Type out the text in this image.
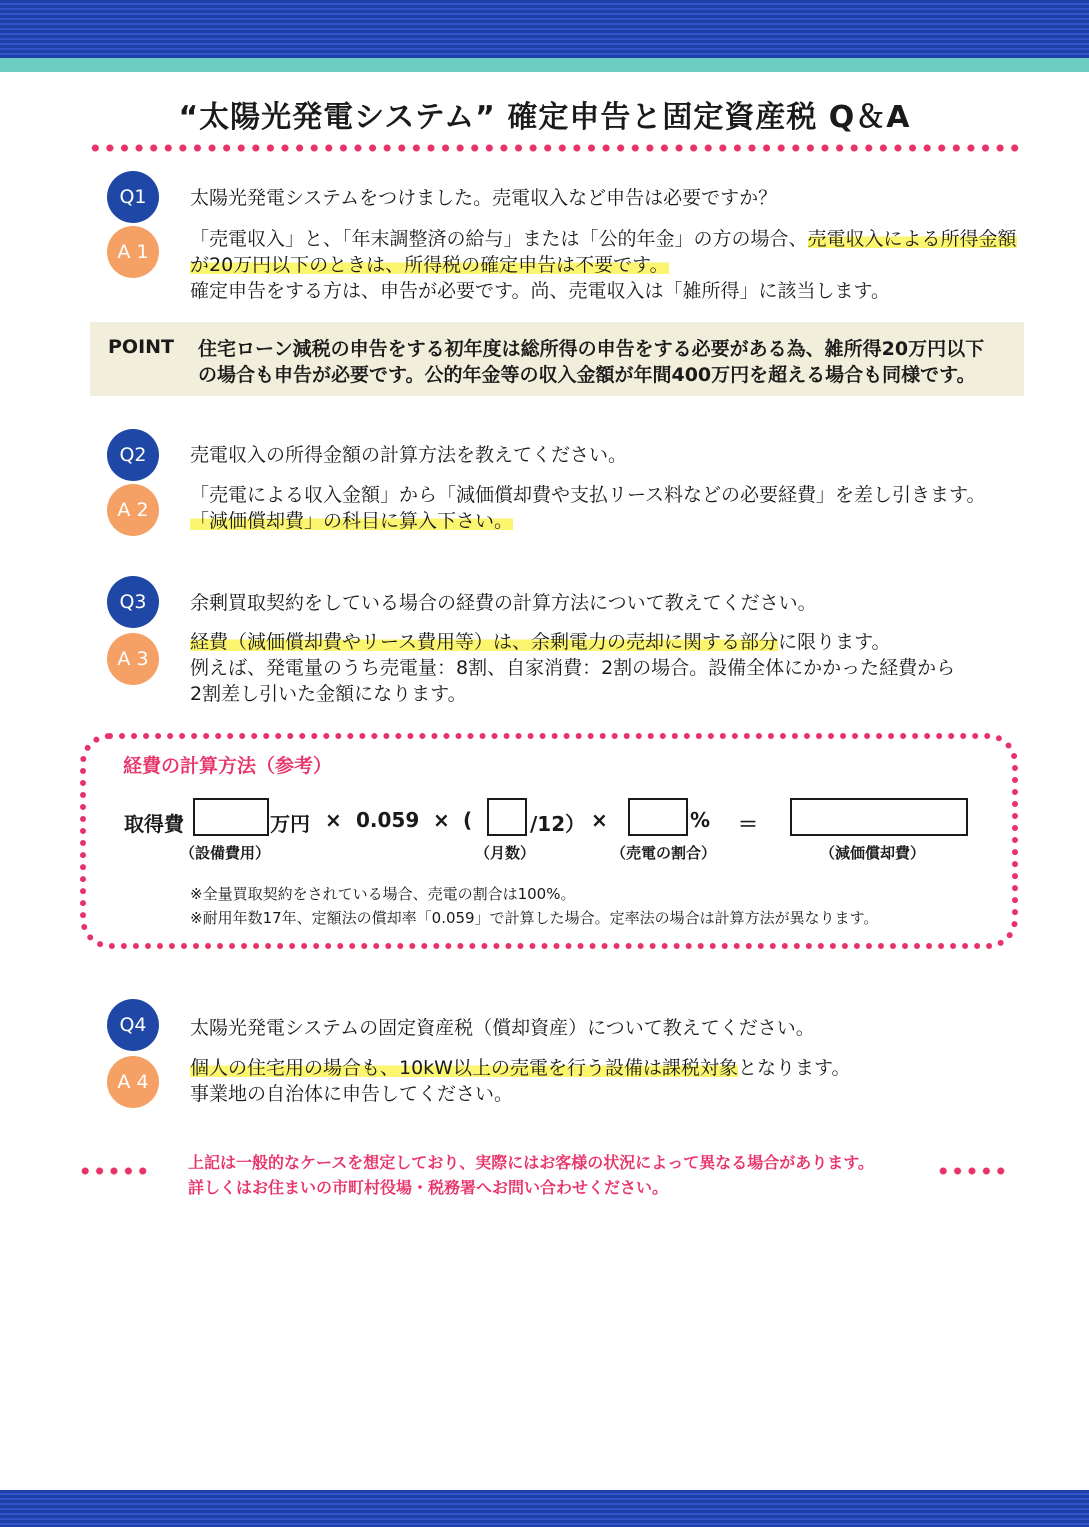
“太陽光発電システム” 確定申告と固定資産税 Q＆A
Q1	太陽光発電システムをつけました。売電収入など申告は必要ですか？
A 1
「売電収入」と、「年末調整済の給与」または「公的年金」の方の場合、売電収入による所得金額
が20万円以下のときは、所得税の確定申告は不要です。
確定申告をする方は、申告が必要です。尚、売電収入は「雑所得」に該当します。
POINT 住宅ローン減税の申告をする初年度は総所得の申告をする必要がある為、雑所得20万円以下
の場合も申告が必要です。公的年金等の収入金額が年間400万円を超える場合も同様です。
Q2	売電収入の所得金額の計算方法を教えてください。
A 2
「売電による収入金額」から「減価償却費や支払リース料などの必要経費」を差し引きます。
「減価償却費」の科目に算入下さい。
Q3	余剰買取契約をしている場合の経費の計算方法について教えてください。
A 3
経費（減価償却費やリース費用等）は、余剰電力の売却に関する部分に限ります。
例えば、発電量のうち売電量：8割、自家消費：2割の場合。設備全体にかかった経費から
2割差し引いた金額になります。
経費の計算方法（参考）
取得費	万円 × 0.059 × (	/12） ×	% ＝
（設備費用）	（月数）	（売電の割合）	（減価償却費）
※全量買取契約をされている場合、売電の割合は100%。
※耐用年数17年、定額法の償却率「0.059」で計算した場合。定率法の場合は計算方法が異なります。
Q4	太陽光発電システムの固定資産税（償却資産）について教えてください。
A 4
個人の住宅用の場合も、10kW以上の売電を行う設備は課税対象となります。
事業地の自治体に申告してください。
上記は一般的なケースを想定しており、実際にはお客様の状況によって異なる場合があります。
詳しくはお住まいの市町村役場・税務署へお問い合わせください。
